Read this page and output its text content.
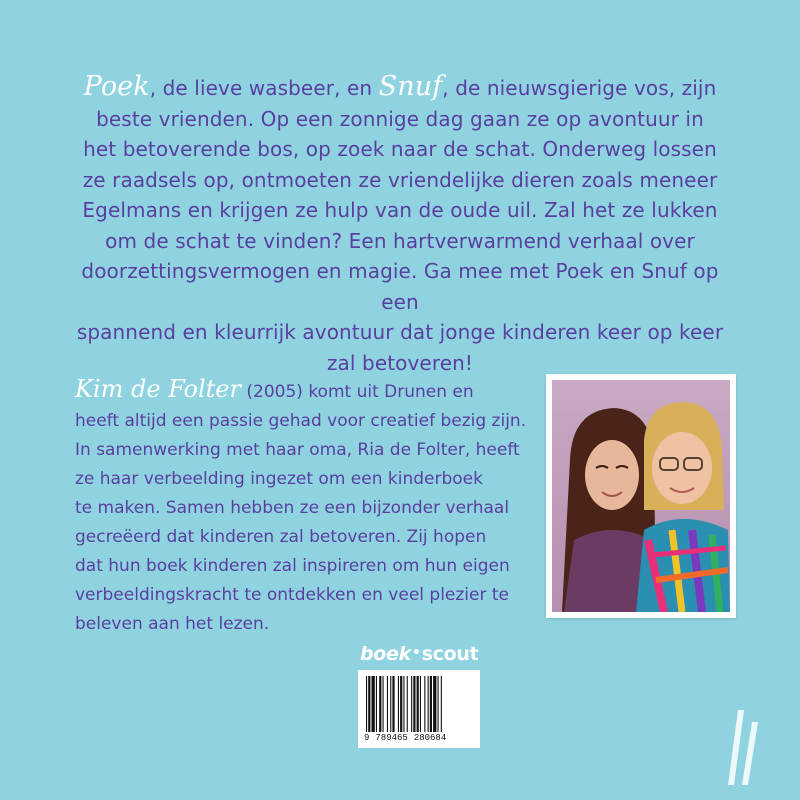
Poek, de lieve wasbeer, en Snuf, de nieuwsgierige vos, zijn
beste vrienden. Op een zonnige dag gaan ze op avontuur in
het betoverende bos, op zoek naar de schat. Onderweg lossen
ze raadsels op, ontmoeten ze vriendelijke dieren zoals meneer
Egelmans en krijgen ze hulp van de oude uil. Zal het ze lukken
om de schat te vinden? Een hartverwarmend verhaal over
doorzettingsvermogen en magie. Ga mee met Poek en Snuf op een
spannend en kleurrijk avontuur dat jonge kinderen keer op keer
zal betoveren!
Kim de Folter (2005) komt uit Drunen en
heeft altijd een passie gehad voor creatief bezig zijn.
In samenwerking met haar oma, Ria de Folter, heeft
ze haar verbeelding ingezet om een kinderboek
te maken. Samen hebben ze een bijzonder verhaal
gecreëerd dat kinderen zal betoveren. Zij hopen
dat hun boek kinderen zal inspireren om hun eigen
verbeeldingskracht te ontdekken en veel plezier te
beleven aan het lezen.
boek•scout
9 789465 280684
